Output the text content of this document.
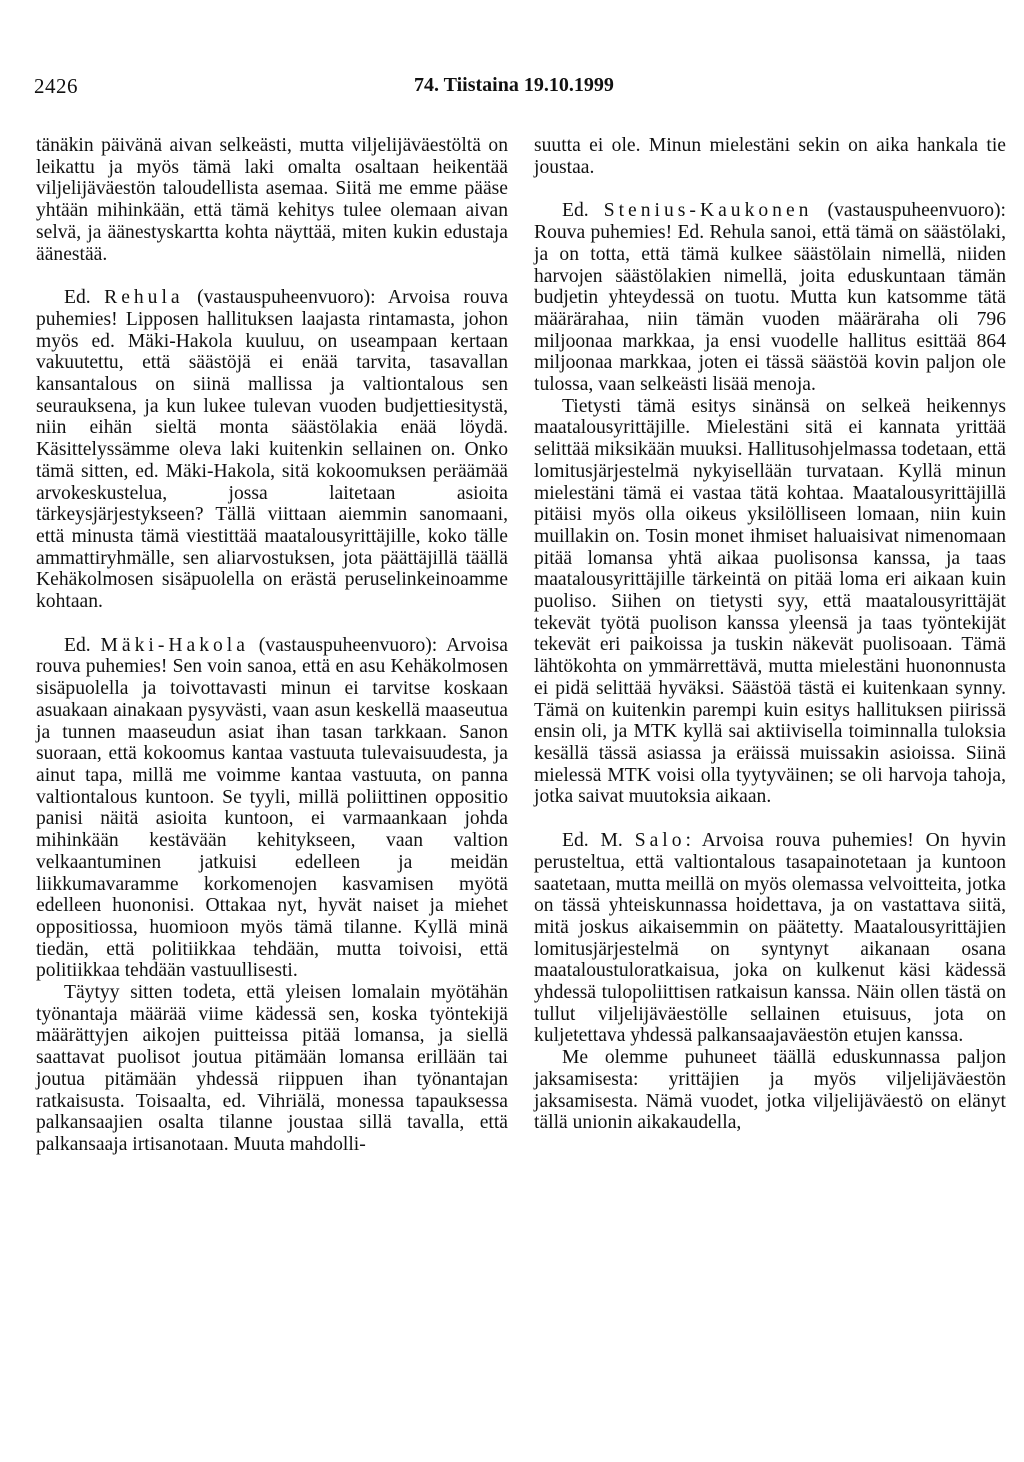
2426	74. Tiistaina 19.10.1999

tänäkin päivänä aivan selkeästi, mutta viljelijäväestöltä on leikattu ja myös tämä laki omalta osaltaan heikentää viljelijäväestön taloudellista asemaa. Siitä me emme pääse yhtään mihinkään, että tämä kehitys tulee olemaan aivan selvä, ja äänestyskartta kohta näyttää, miten kukin edustaja äänestää.

Ed. Rehula (vastauspuheenvuoro): Arvoisa rouva puhemies! Lipposen hallituksen laajasta rintamasta, johon myös ed. Mäki-Hakola kuuluu, on useampaan kertaan vakuutettu, että säästöjä ei enää tarvita, tasavallan kansantalous on siinä mallissa ja valtiontalous sen seurauksena, ja kun lukee tulevan vuoden budjettiesitystä, niin eihän sieltä monta säästölakia enää löydä. Käsittelyssämme oleva laki kuitenkin sellainen on. Onko tämä sitten, ed. Mäki-Hakola, sitä kokoomuksen peräämää arvokeskustelua, jossa laitetaan asioita tärkeysjärjestykseen? Tällä viittaan aiemmin sanomaani, että minusta tämä viestittää maatalousyrittäjille, koko tälle ammattiryhmälle, sen aliarvostuksen, jota päättäjillä täällä Kehäkolmosen sisäpuolella on erästä peruselinkeinoamme kohtaan.

Ed. Mäki-Hakola (vastauspuheenvuoro): Arvoisa rouva puhemies! Sen voin sanoa, että en asu Kehäkolmosen sisäpuolella ja toivottavasti minun ei tarvitse koskaan asuakaan ainakaan pysyvästi, vaan asun keskellä maaseutua ja tunnen maaseudun asiat ihan tasan tarkkaan. Sanon suoraan, että kokoomus kantaa vastuuta tulevaisuudesta, ja ainut tapa, millä me voimme kantaa vastuuta, on panna valtiontalous kuntoon. Se tyyli, millä poliittinen oppositio panisi näitä asioita kuntoon, ei varmaankaan johda mihinkään kestävään kehitykseen, vaan valtion velkaantuminen jatkuisi edelleen ja meidän liikkumavaramme korkomenojen kasvamisen myötä edelleen huononisi. Ottakaa nyt, hyvät naiset ja miehet oppositiossa, huomioon myös tämä tilanne. Kyllä minä tiedän, että politiikkaa tehdään, mutta toivoisi, että politiikkaa tehdään vastuullisesti.

Täytyy sitten todeta, että yleisen lomalain myötähän työnantaja määrää viime kädessä sen, koska työntekijä määrättyjen aikojen puitteissa pitää lomansa, ja siellä saattavat puolisot joutua pitämään lomansa erillään tai joutua pitämään yhdessä riippuen ihan työnantajan ratkaisusta. Toisaalta, ed. Vihriälä, monessa tapauksessa palkansaajien osalta tilanne joustaa sillä tavalla, että palkansaaja irtisanotaan. Muuta mahdolli-

suutta ei ole. Minun mielestäni sekin on aika hankala tie joustaa.

Ed. Stenius-Kaukonen (vastauspuheenvuoro): Rouva puhemies! Ed. Rehula sanoi, että tämä on säästölaki, ja on totta, että tämä kulkee säästölain nimellä, niiden harvojen säästölakien nimellä, joita eduskuntaan tämän budjetin yhteydessä on tuotu. Mutta kun katsomme tätä määrärahaa, niin tämän vuoden määräraha oli 796 miljoonaa markkaa, ja ensi vuodelle hallitus esittää 864 miljoonaa markkaa, joten ei tässä säästöä kovin paljon ole tulossa, vaan selkeästi lisää menoja.

Tietysti tämä esitys sinänsä on selkeä heikennys maatalousyrittäjille. Mielestäni sitä ei kannata yrittää selittää miksikään muuksi. Hallitusohjelmassa todetaan, että lomitusjärjestelmä nykyisellään turvataan. Kyllä minun mielestäni tämä ei vastaa tätä kohtaa. Maatalousyrittäjillä pitäisi myös olla oikeus yksilölliseen lomaan, niin kuin muillakin on. Tosin monet ihmiset haluaisivat nimenomaan pitää lomansa yhtä aikaa puolisonsa kanssa, ja taas maatalousyrittäjille tärkeintä on pitää loma eri aikaan kuin puoliso. Siihen on tietysti syy, että maatalousyrittäjät tekevät työtä puolison kanssa yleensä ja taas työntekijät tekevät eri paikoissa ja tuskin näkevät puolisoaan. Tämä lähtökohta on ymmärrettävä, mutta mielestäni huononnusta ei pidä selittää hyväksi. Säästöä tästä ei kuitenkaan synny. Tämä on kuitenkin parempi kuin esitys hallituksen piirissä ensin oli, ja MTK kyllä sai aktiivisella toiminnalla tuloksia kesällä tässä asiassa ja eräissä muissakin asioissa. Siinä mielessä MTK voisi olla tyytyväinen; se oli harvoja tahoja, jotka saivat muutoksia aikaan.

Ed. M. Salo: Arvoisa rouva puhemies! On hyvin perusteltua, että valtiontalous tasapainotetaan ja kuntoon saatetaan, mutta meillä on myös olemassa velvoitteita, jotka on tässä yhteiskunnassa hoidettava, ja on vastattava siitä, mitä joskus aikaisemmin on päätetty. Maatalousyrittäjien lomitusjärjestelmä on syntynyt aikanaan osana maataloustuloratkaisua, joka on kulkenut käsi kädessä yhdessä tulopoliittisen ratkaisun kanssa. Näin ollen tästä on tullut viljelijäväestölle sellainen etuisuus, jota on kuljetettava yhdessä palkansaajaväestön etujen kanssa.

Me olemme puhuneet täällä eduskunnassa paljon jaksamisesta: yrittäjien ja myös viljelijäväestön jaksamisesta. Nämä vuodet, jotka viljelijäväestö on elänyt tällä unionin aikakaudella,
